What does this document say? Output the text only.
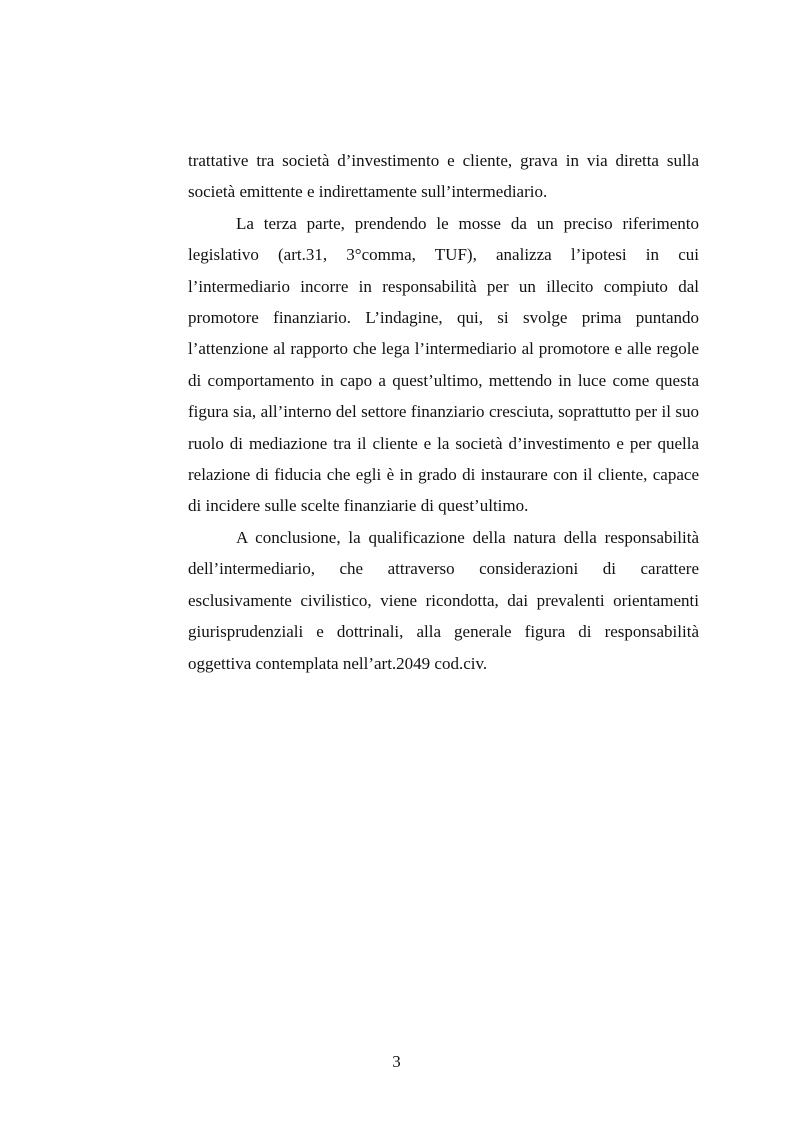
trattative tra società d’investimento e cliente, grava in via diretta sulla società emittente e indirettamente sull’intermediario.

La terza parte, prendendo le mosse da un preciso riferimento legislativo (art.31, 3°comma, TUF), analizza l’ipotesi in cui l’intermediario incorre in responsabilità per un illecito compiuto dal promotore finanziario. L’indagine, qui, si svolge prima puntando l’attenzione al rapporto che lega l’intermediario al promotore e alle regole di comportamento in capo a quest’ultimo, mettendo in luce come questa figura sia, all’interno del settore finanziario cresciuta, soprattutto per il suo ruolo di mediazione tra il cliente e la società d’investimento e per quella relazione di fiducia che egli è in grado di instaurare con il cliente, capace di incidere sulle scelte finanziarie di quest’ultimo.

A conclusione, la qualificazione della natura della responsabilità dell’intermediario, che attraverso considerazioni di carattere esclusivamente civilistico, viene ricondotta, dai prevalenti orientamenti giurisprudenziali e dottrinali, alla generale figura di responsabilità oggettiva contemplata nell’art.2049 cod.civ.

3
